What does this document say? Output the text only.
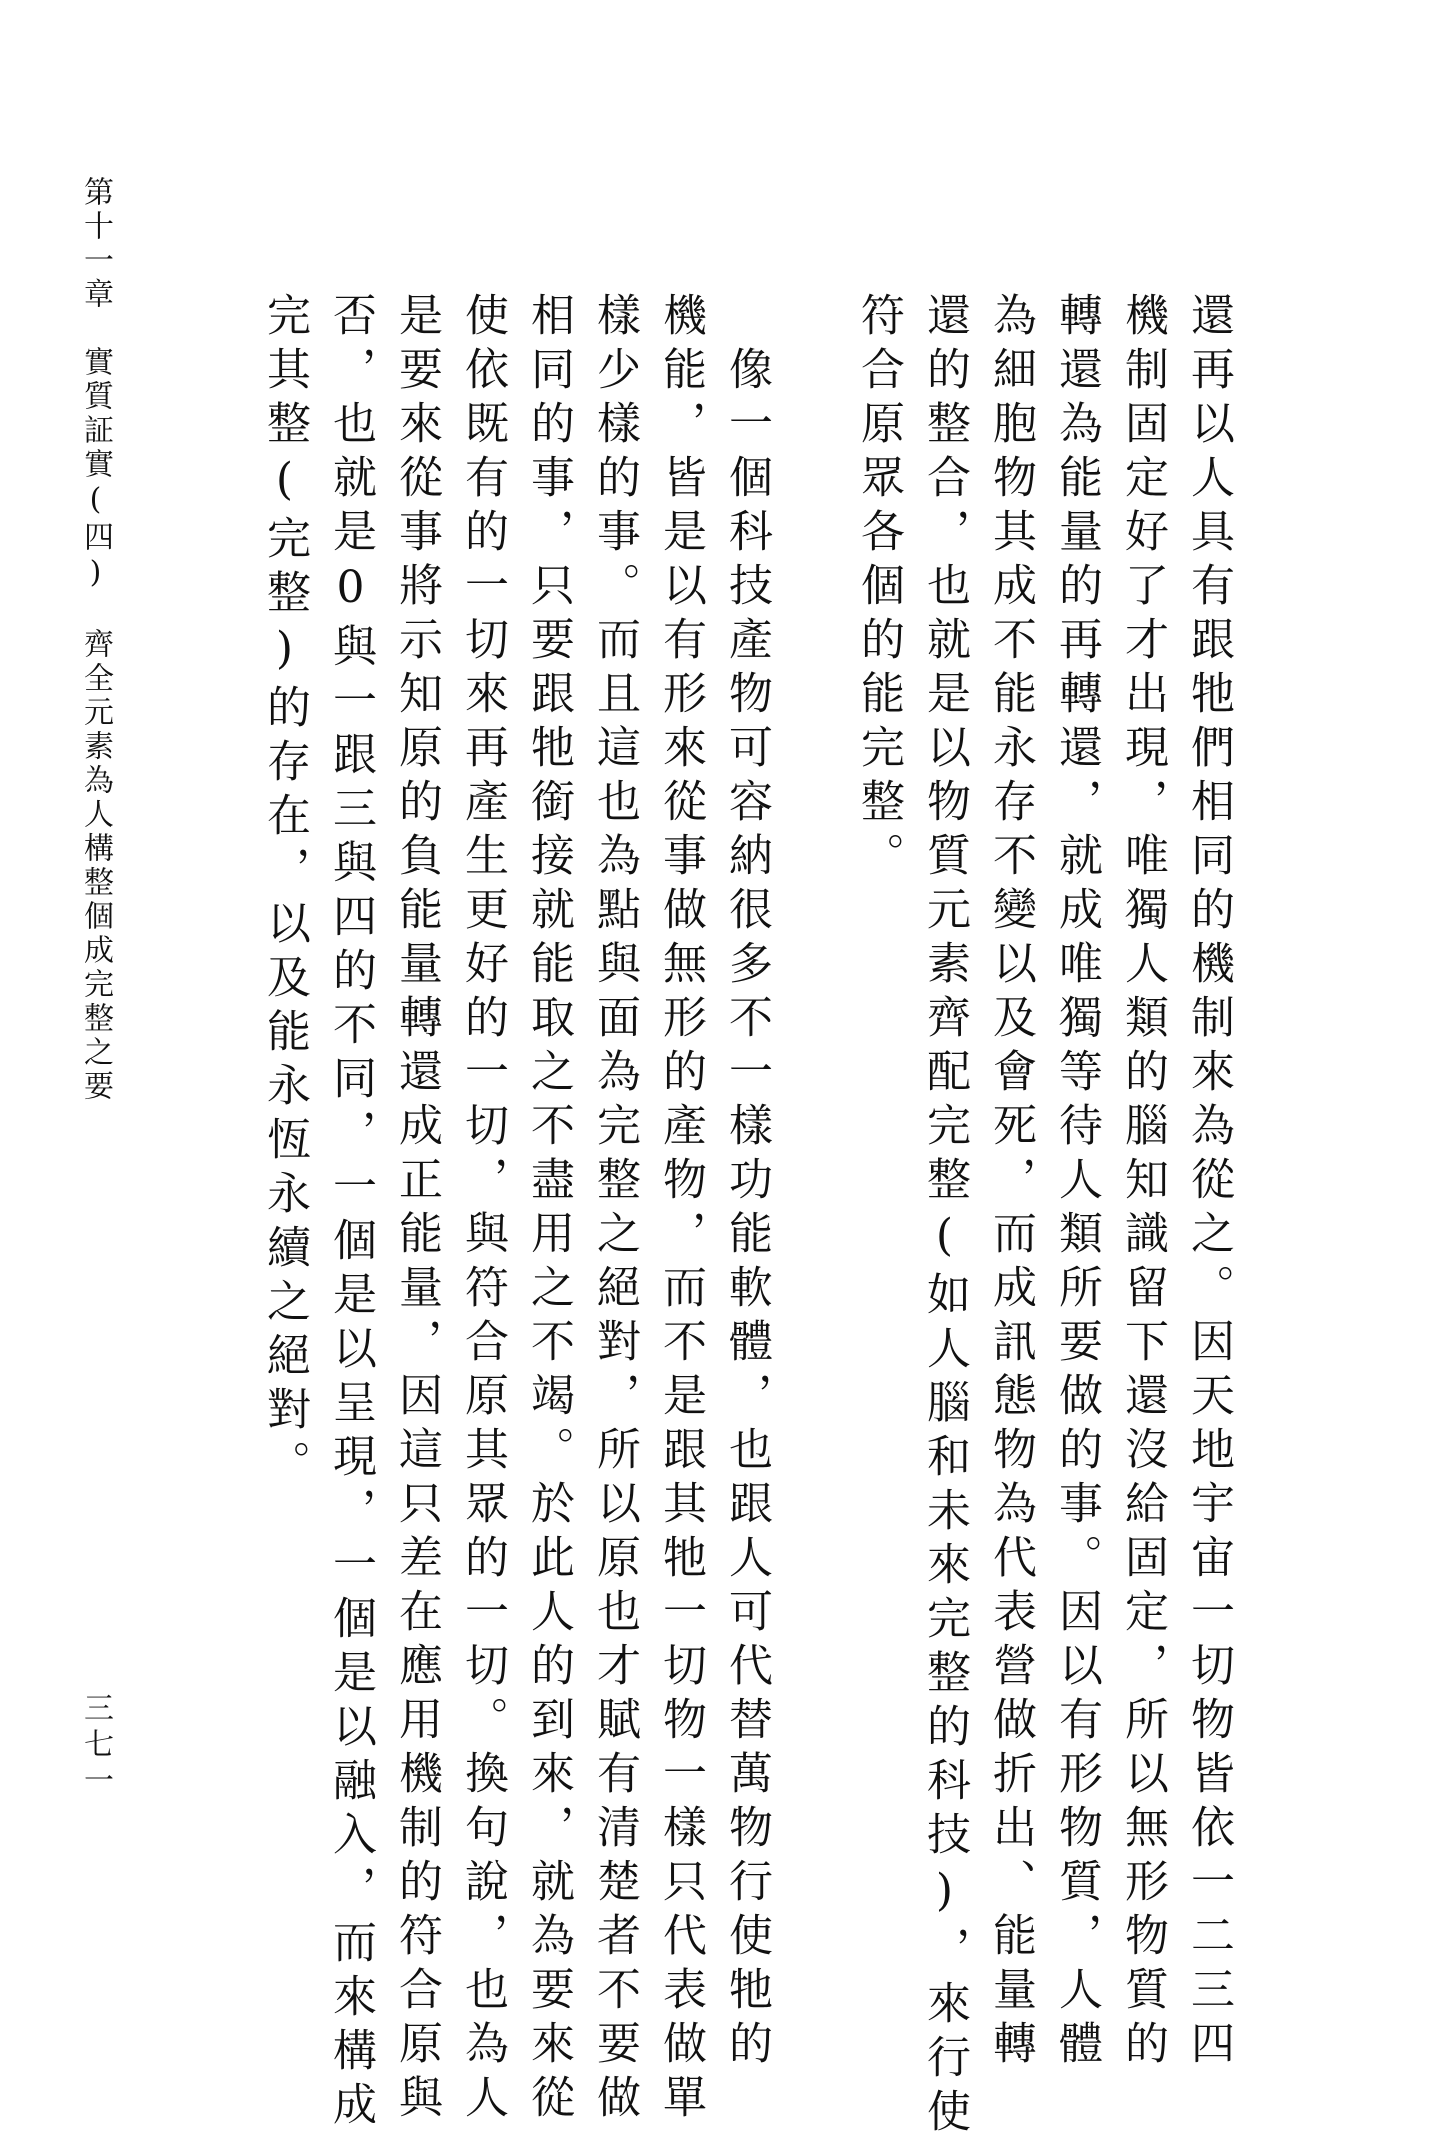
第十一章　實質証實(四)　齊全元素為人構整個成完整之要
三七一	還再以人具有跟牠們相同的機制來為從之。因天地宇宙一切物皆依一二三四
機制固定好了才出現，唯獨人類的腦知識留下還沒給固定，所以無形物質的
轉還為能量的再轉還，就成唯獨等待人類所要做的事。因以有形物質，人體
為細胞物其成不能永存不變以及會死，而成訊態物為代表營做折出、能量轉
還的整合，也就是以物質元素齊配完整(如人腦和未來完整的科技)，來行使
符合原眾各個的能完整。
　像一個科技產物可容納很多不一樣功能軟體，也跟人可代替萬物行使牠的
機能，皆是以有形來從事做無形的產物，而不是跟其牠一切物一樣只代表做單
樣少樣的事。而且這也為點與面為完整之絕對，所以原也才賦有清楚者不要做
相同的事，只要跟牠銜接就能取之不盡用之不竭。於此人的到來，就為要來從
使依既有的一切來再產生更好的一切，與符合原其眾的一切。換句說，也為人
是要來從事將示知原的負能量轉還成正能量，因這只差在應用機制的符合原與
否，也就是0與一跟三與四的不同，一個是以呈現，一個是以融入，而來構成
完其整(完整)的存在，以及能永恆永續之絕對。
